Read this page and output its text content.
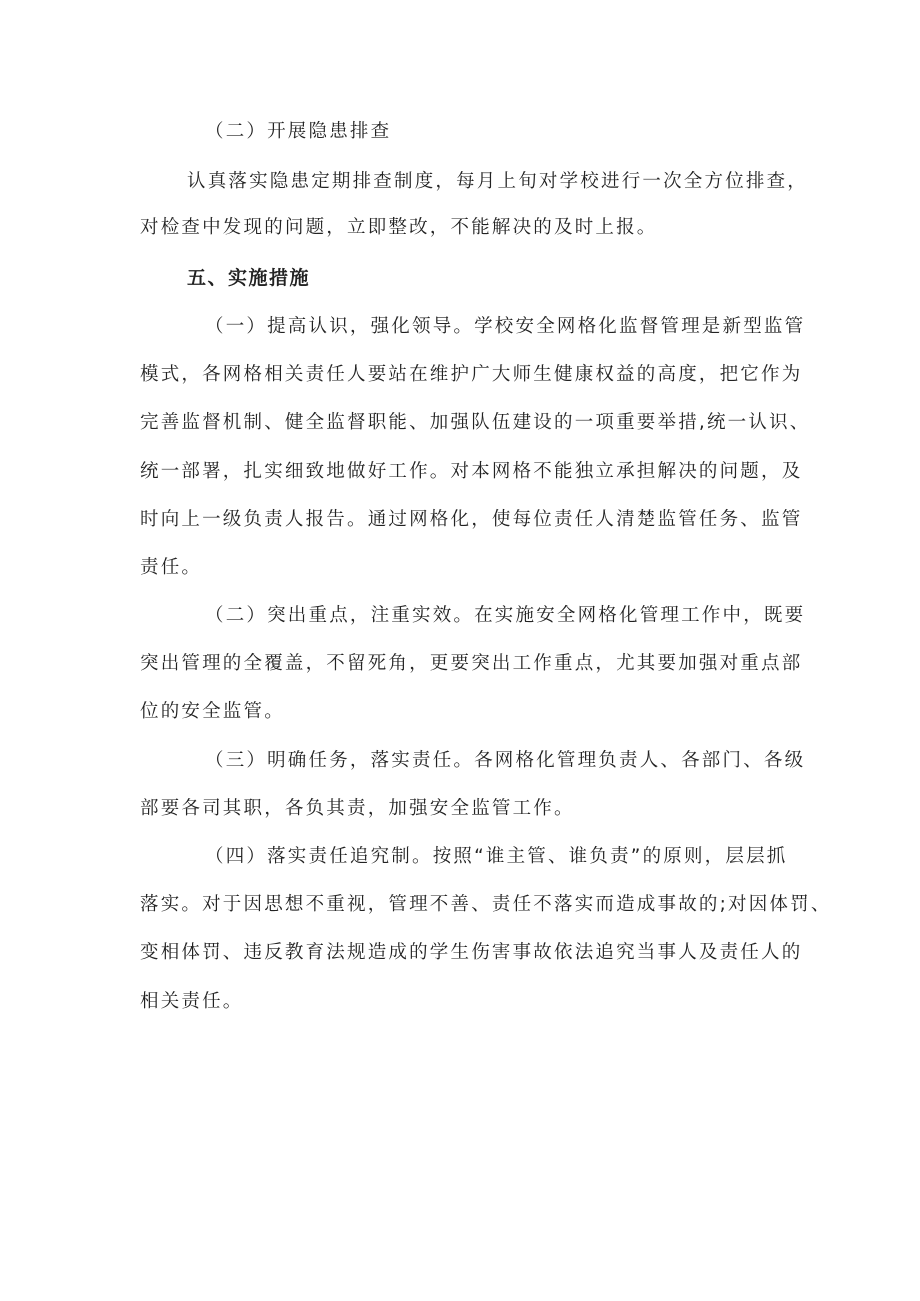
（二）开展隐患排查

认真落实隐患定期排查制度，每月上旬对学校进行一次全方位排查，

对检查中发现的问题，立即整改，不能解决的及时上报。

五、实施措施

（一）提高认识，强化领导。学校安全网格化监督管理是新型监管

模式，各网格相关责任人要站在维护广大师生健康权益的高度，把它作为

完善监督机制、健全监督职能、加强队伍建设的一项重要举措,统一认识、

统一部署，扎实细致地做好工作。对本网格不能独立承担解决的问题，及

时向上一级负责人报告。通过网格化，使每位责任人清楚监管任务、监管

责任。

（二）突出重点，注重实效。在实施安全网格化管理工作中，既要

突出管理的全覆盖，不留死角，更要突出工作重点，尤其要加强对重点部

位的安全监管。

（三）明确任务，落实责任。各网格化管理负责人、各部门、各级

部要各司其职，各负其责，加强安全监管工作。

（四）落实责任追究制。按照“谁主管、谁负责”的原则，层层抓

落实。对于因思想不重视，管理不善、责任不落实而造成事故的;对因体罚、

变相体罚、违反教育法规造成的学生伤害事故依法追究当事人及责任人的

相关责任。
